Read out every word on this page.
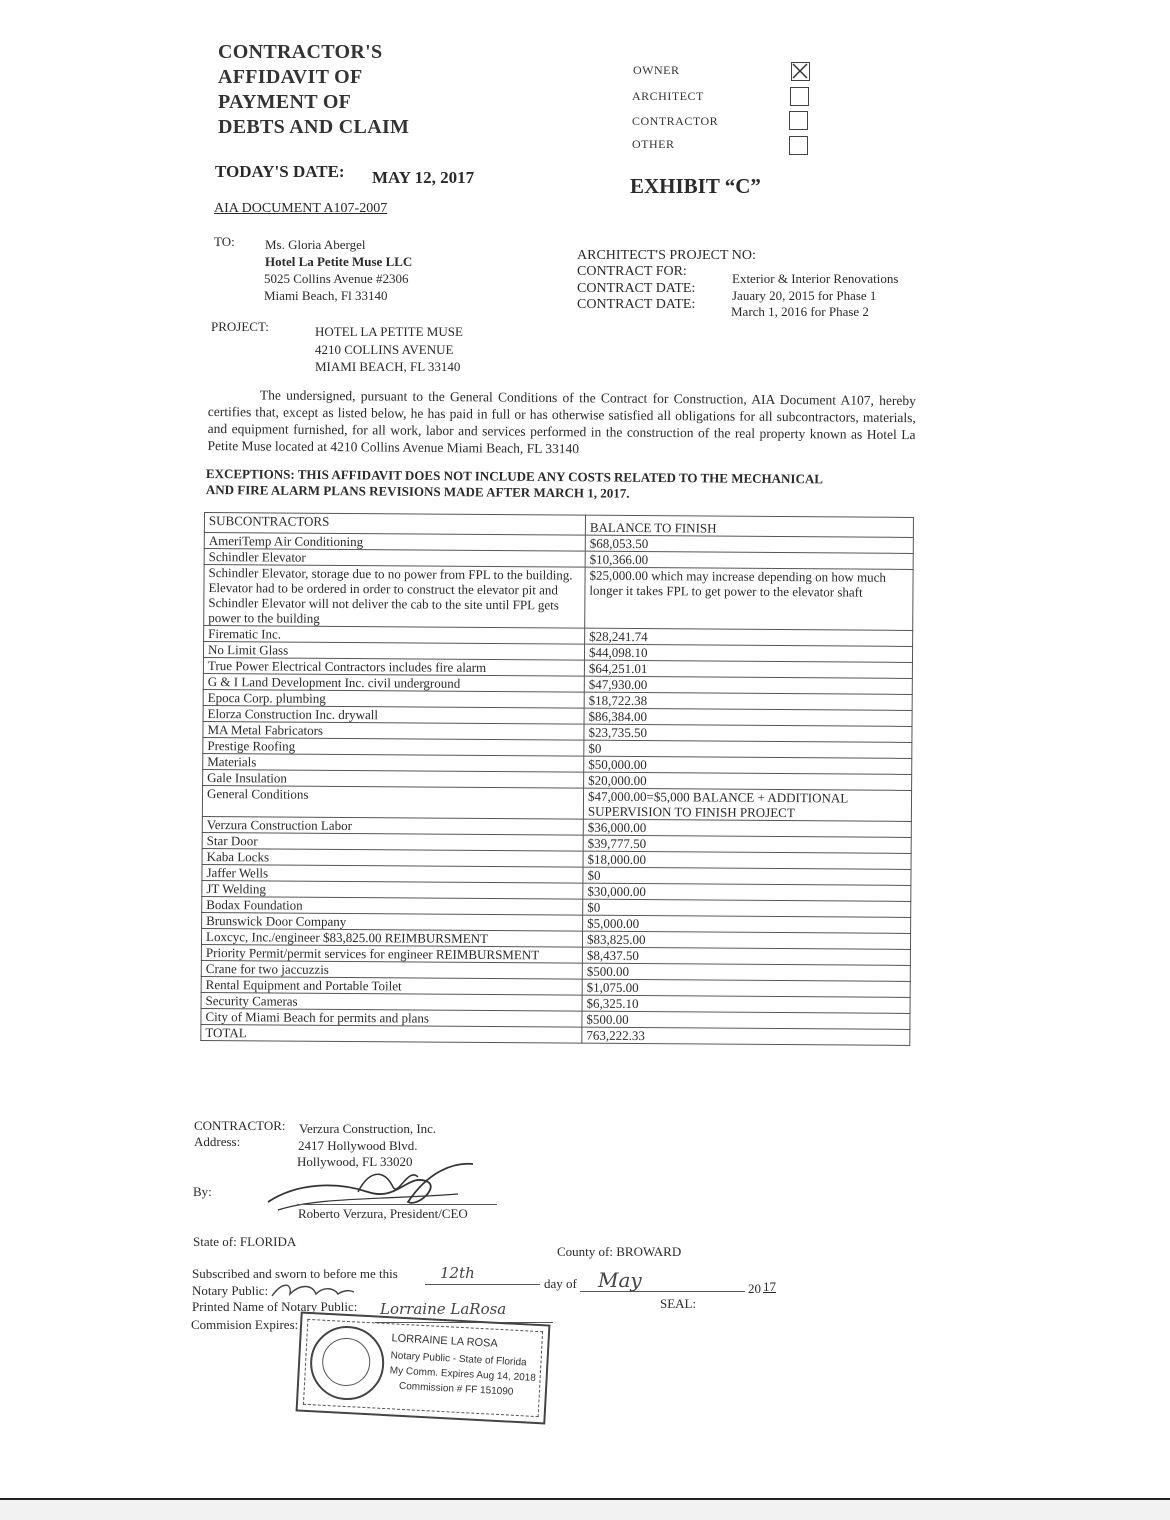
CONTRACTOR'S
AFFIDAVIT OF
PAYMENT OF
DEBTS AND CLAIM
OWNER
ARCHITECT
CONTRACTOR
OTHER
TODAY'S DATE: MAY 12, 2017	EXHIBIT “C”
AIA DOCUMENT A107-2007
TO: Ms. Gloria Abergel
Hotel La Petite Muse LLC
5025 Collins Avenue #2306
Miami Beach, Fl 33140
ARCHITECT'S PROJECT NO:
CONTRACT FOR:	Exterior & Interior Renovations
CONTRACT DATE:	Jauary 20, 2015 for Phase 1
CONTRACT DATE:	March 1, 2016 for Phase 2
PROJECT:	HOTEL LA PETITE MUSE
4210 COLLINS AVENUE
MIAMI BEACH, FL 33140
The undersigned, pursuant to the General Conditions of the Contract for Construction, AIA Document A107, hereby certifies that, except as listed below, he has paid in full or has otherwise satisfied all obligations for all subcontractors, materials, and equipment furnished, for all work, labor and services performed in the construction of the real property known as Hotel La Petite Muse located at 4210 Collins Avenue Miami Beach, FL 33140
EXCEPTIONS: THIS AFFIDAVIT DOES NOT INCLUDE ANY COSTS RELATED TO THE MECHANICAL
AND FIRE ALARM PLANS REVISIONS MADE AFTER MARCH 1, 2017.
SUBCONTRACTORS	BALANCE TO FINISH
AmeriTemp Air Conditioning	$68,053.50
Schindler Elevator	$10,366.00
Schindler Elevator, storage due to no power from FPL to the building. Elevator had to be ordered in order to construct the elevator pit and Schindler Elevator will not deliver the cab to the site until FPL gets power to the building	$25,000.00 which may increase depending on how much longer it takes FPL to get power to the elevator shaft
Firematic Inc.	$28,241.74
No Limit Glass	$44,098.10
True Power Electrical Contractors includes fire alarm	$64,251.01
G & I Land Development Inc. civil underground	$47,930.00
Epoca Corp. plumbing	$18,722.38
Elorza Construction Inc. drywall	$86,384.00
MA Metal Fabricators	$23,735.50
Prestige Roofing	$0
Materials	$50,000.00
Gale Insulation	$20,000.00
General Conditions	$47,000.00=$5,000 BALANCE + ADDITIONAL SUPERVISION TO FINISH PROJECT
Verzura Construction Labor	$36,000.00
Star Door	$39,777.50
Kaba Locks	$18,000.00
Jaffer Wells	$0
JT Welding	$30,000.00
Bodax Foundation	$0
Brunswick Door Company	$5,000.00
Loxcyc, Inc./engineer $83,825.00 REIMBURSMENT	$83,825.00
Priority Permit/permit services for engineer REIMBURSMENT	$8,437.50
Crane for two jaccuzzis	$500.00
Rental Equipment and Portable Toilet	$1,075.00
Security Cameras	$6,325.10
City of Miami Beach for permits and plans	$500.00
TOTAL	763,222.33
CONTRACTOR: Verzura Construction, Inc.
Address:	2417 Hollywood Blvd.
Hollywood, FL 33020
By:
Roberto Verzura, President/CEO
State of: FLORIDA
County of: BROWARD
Subscribed and sworn to before me this	12th
day of May	20 17
Notary Public:
SEAL:
Printed Name of Notary Public: Lorraine LaRosa
Commision Expires:
LORRAINE LA ROSA
Notary Public - State of Florida
My Comm. Expires Aug 14, 2018
Commission # FF 151090
